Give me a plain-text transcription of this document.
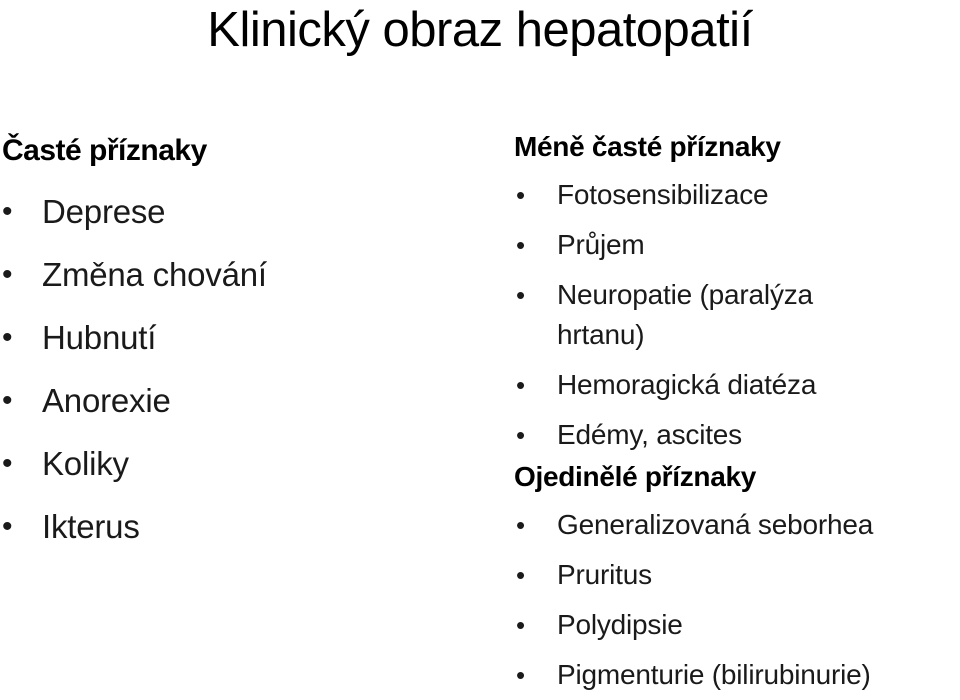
Klinický obraz hepatopatií

Časté příznaky

• Deprese
• Změna chování
• Hubnutí
• Anorexie
• Koliky
• Ikterus

Méně časté příznaky

• Fotosensibilizace
• Průjem
• Neuropatie (paralýza hrtanu)
• Hemoragická diatéza
• Edémy, ascites

Ojedinělé příznaky

• Generalizovaná seborhea
• Pruritus
• Polydipsie
• Pigmenturie (bilirubinurie)
